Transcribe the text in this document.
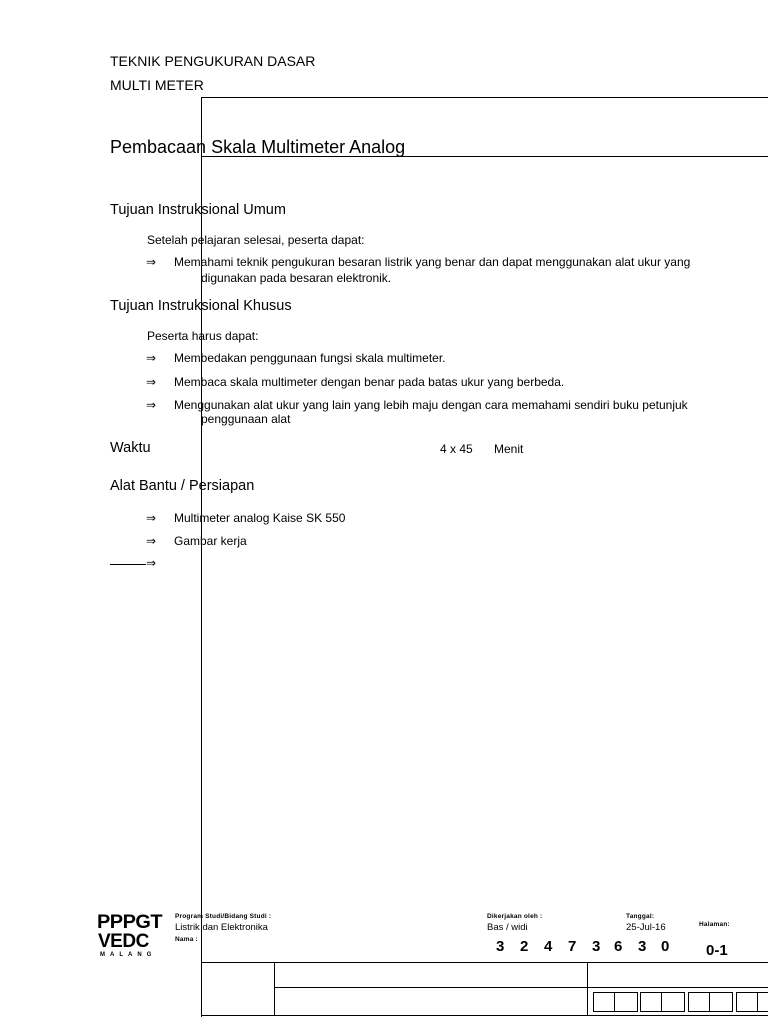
TEKNIK PENGUKURAN DASAR
MULTI METER
Pembacaan Skala Multimeter Analog
Tujuan Instruksional Umum
Setelah pelajaran selesai, peserta dapat:
⇒ Memahami teknik pengukuran besaran listrik yang benar dan dapat menggunakan alat ukur yang
digunakan pada besaran elektronik.
Tujuan Instruksional Khusus
Peserta harus dapat:
⇒ Membedakan penggunaan fungsi skala multimeter.
⇒ Membaca skala multimeter dengan benar pada batas ukur yang berbeda.
⇒ Menggunakan alat ukur yang lain yang lebih maju dengan cara memahami sendiri buku petunjuk
penggunaan alat
Waktu	4 x 45 Menit
Alat Bantu / Persiapan
⇒ Multimeter analog Kaise SK 550
⇒ Gambar kerja
⇒
PPPGT
VEDC
MALANG
Program Studi/Bidang Studi :
Listrik dan Elektronika
Nama :
Dikerjakan oleh :
Bas / widi
Tanggal:
25-Jul-16	Halaman:
0-1
3 2 4 7 3 6 3 0
